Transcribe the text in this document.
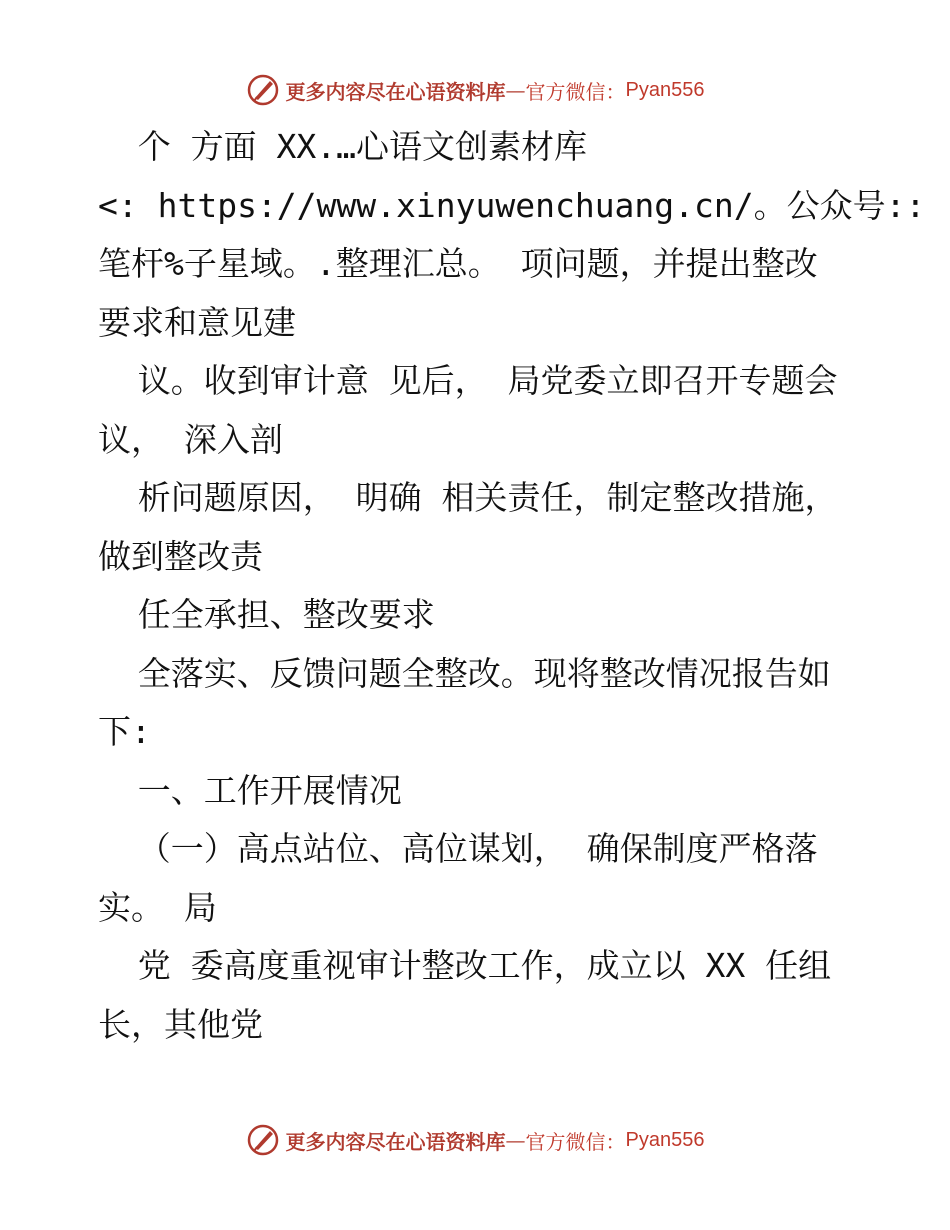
更多内容尽在心语资料库 — 官方微信： Pyan556
个 方面 XX.…心语文创素材库
<: https://www.xinyuwenchuang.cn/。公众号::
笔杆%子星域。.整理汇总。 项问题，并提出整改
要求和意见建
议。收到审计意 见后， 局党委立即召开专题会
议， 深入剖
析问题原因， 明确 相关责任，制定整改措施，
做到整改责
任全承担、整改要求
全落实、反馈问题全整改。现将整改情况报告如
下:
一、工作开展情况
（一）高点站位、高位谋划， 确保制度严格落
实。 局
党 委高度重视审计整改工作，成立以 XX 任组
长，其他党
更多内容尽在心语资料库 — 官方微信： Pyan556
